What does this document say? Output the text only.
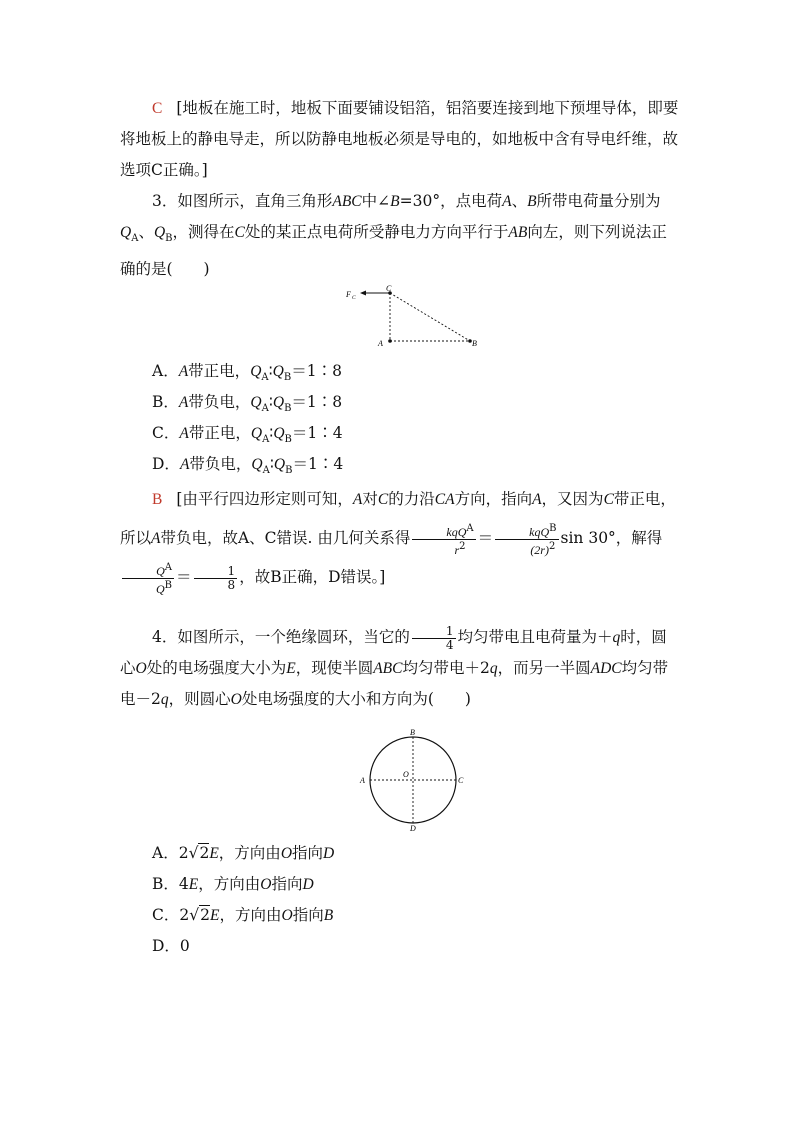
C [地板在施工时，地板下面要铺设铝箔，铝箔要连接到地下预埋导体，即要将地板上的静电导走，所以防静电地板必须是导电的，如地板中含有导电纤维，故选项C正确。]
3．如图所示，直角三角形ABC中∠B=30°，点电荷A、B所带电荷量分别为$Q_A$、$Q_B$，测得在C处的某正点电荷所受静电力方向平行于AB向左，则下列说法正确的是(　　)
F C
C
A	B
A．A带正电，$Q_A∶Q_B=1∶8$
B．A带负电，$Q_A∶Q_B=1∶8$
C．A带正电，$Q_A∶Q_B=1∶4$
D．A带负电，$Q_A∶Q_B=1∶4$
B [由平行四边形定则可知，A对C的力沿CA方向，指向A，又因为C带正电，所以A带负电，故A、C错误. 由几何关系得 $\frac{kqQ^A}{r^2} = \frac{kqQ^B}{(2r)^2}$ sin 30°，解得
$\frac{Q^A}{Q^B} = \frac{1}{8}$ ，故B正确，D错误。]
4．如图所示，一个绝缘圆环，当它的 $\frac{1}{4}$ 均匀带电且电荷量为＋q时，圆心O处的电场强度大小为E，现使半圆ABC均匀带电＋2q，而另一半圆ADC均匀带电－2q，则圆心O处电场强度的大小和方向为(　　)
B
A	C
D
O
A．2√2E，方向由O指向D
B．4E，方向由O指向D
C．2√2E，方向由O指向B
D．0
